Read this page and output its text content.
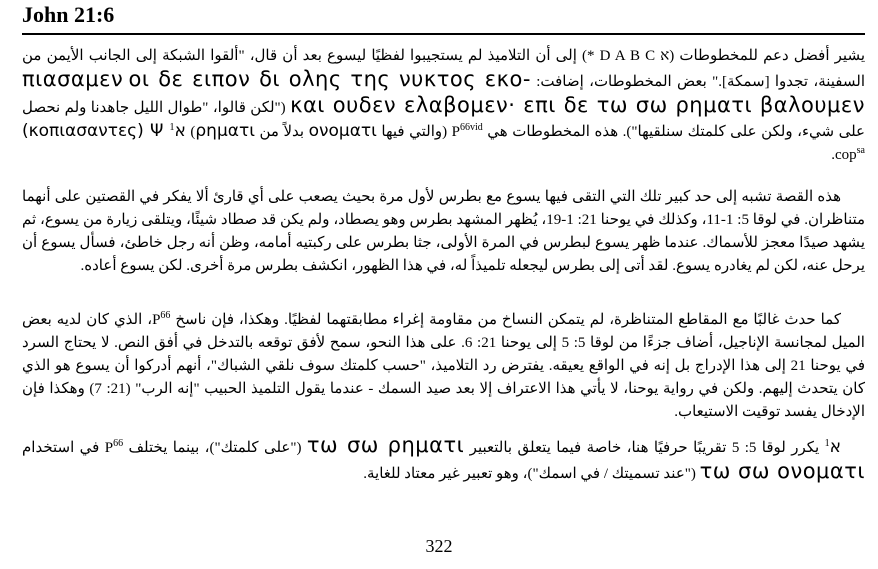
John 21:6

يشير أفضل دعم للمخطوطات (* D A B C א) إلى أن التلاميذ لم يستجيبوا لفظيًا ليسوع بعد أن قال، "ألقوا الشبكة إلى الجانب الأيمن من السفينة، تجدوا [سمكة]." بعض المخطوطات، إضافت: οι δε ειπον δι ολης της νυκτος εκο- πιασαμεν και ουδεν ελαβομεν· επι δε τω σω ρηματι βαλουμεν ("لكن قالوا، "طوال الليل جاهدنا ولم نحصل على شيء، ولكن على كلمتك سنلقيها"). هذه المخطوطات هي $P^{66vid}$ (والتي فيها ονοματι بدلاً من ρηματι) א$^1$ Ψ (κοπιασαντες) cop$^{sa}$.

هذه القصة تشبه إلى حد كبير تلك التي التقى فيها يسوع مع بطرس لأول مرة بحيث يصعب على أي قارئ ألا يفكر في القصتين على أنهما متناظران. في لوقا 5: 1-11، وكذلك في يوحنا 21: 1-19، يُظهر المشهد بطرس وهو يصطاد، ولم يكن قد صطاد شيئًا، ويتلقى زيارة من يسوع، ثم يشهد صيدًا معجز للأسماك. عندما ظهر يسوع لبطرس في المرة الأولى، جثا بطرس على ركبتيه أمامه، وظن أنه رجل خاطئ، فسأل يسوع أن يرحل عنه، لكن لم يغادره يسوع. لقد أتى إلى بطرس ليجعله تلميذاً له، في هذا الظهور، انكشف بطرس مرة أخرى. لكن يسوع أعاده.

كما حدث غالبًا مع المقاطع المتناظرة، لم يتمكن النساخ من مقاومة إغراء مطابقتهما لفظيًا. وهكذا، فإن ناسخ $P^{66}،$ الذي كان لديه بعض الميل لمجانسة الإناجيل، أضاف جزءًا من لوقا 5: 5 إلى يوحنا 21: 6. على هذا النحو، سمح لأفق توقعه بالتدخل في أفق النص. لا يحتاج السرد في يوحنا 21 إلى هذا الإدراج بل إنه في الواقع يعيقه. يفترض رد التلاميذ، "حسب كلمتك سوف نلقي الشباك"، أنهم أدركوا أن يسوع هو الذي كان يتحدث إليهم. ولكن في رواية يوحنا، لا يأتي هذا الاعتراف إلا بعد صيد السمك - عندما يقول التلميذ الحبيب "إنه الرب" (21: 7) وهكذا فإن الإدخال يفسد توقيت الاستيعاب.

א$^1$ يكرر لوقا 5: 5 تقريبًا حرفيًا هنا، خاصة فيما يتعلق بالتعبير τω σω ρηματι ("على كلمتك")، بينما يختلف $P^{66}$ في استخدام τω σω ονοματι ("عند تسميتك / في اسمك")، وهو تعبير غير معتاد للغاية.

322
